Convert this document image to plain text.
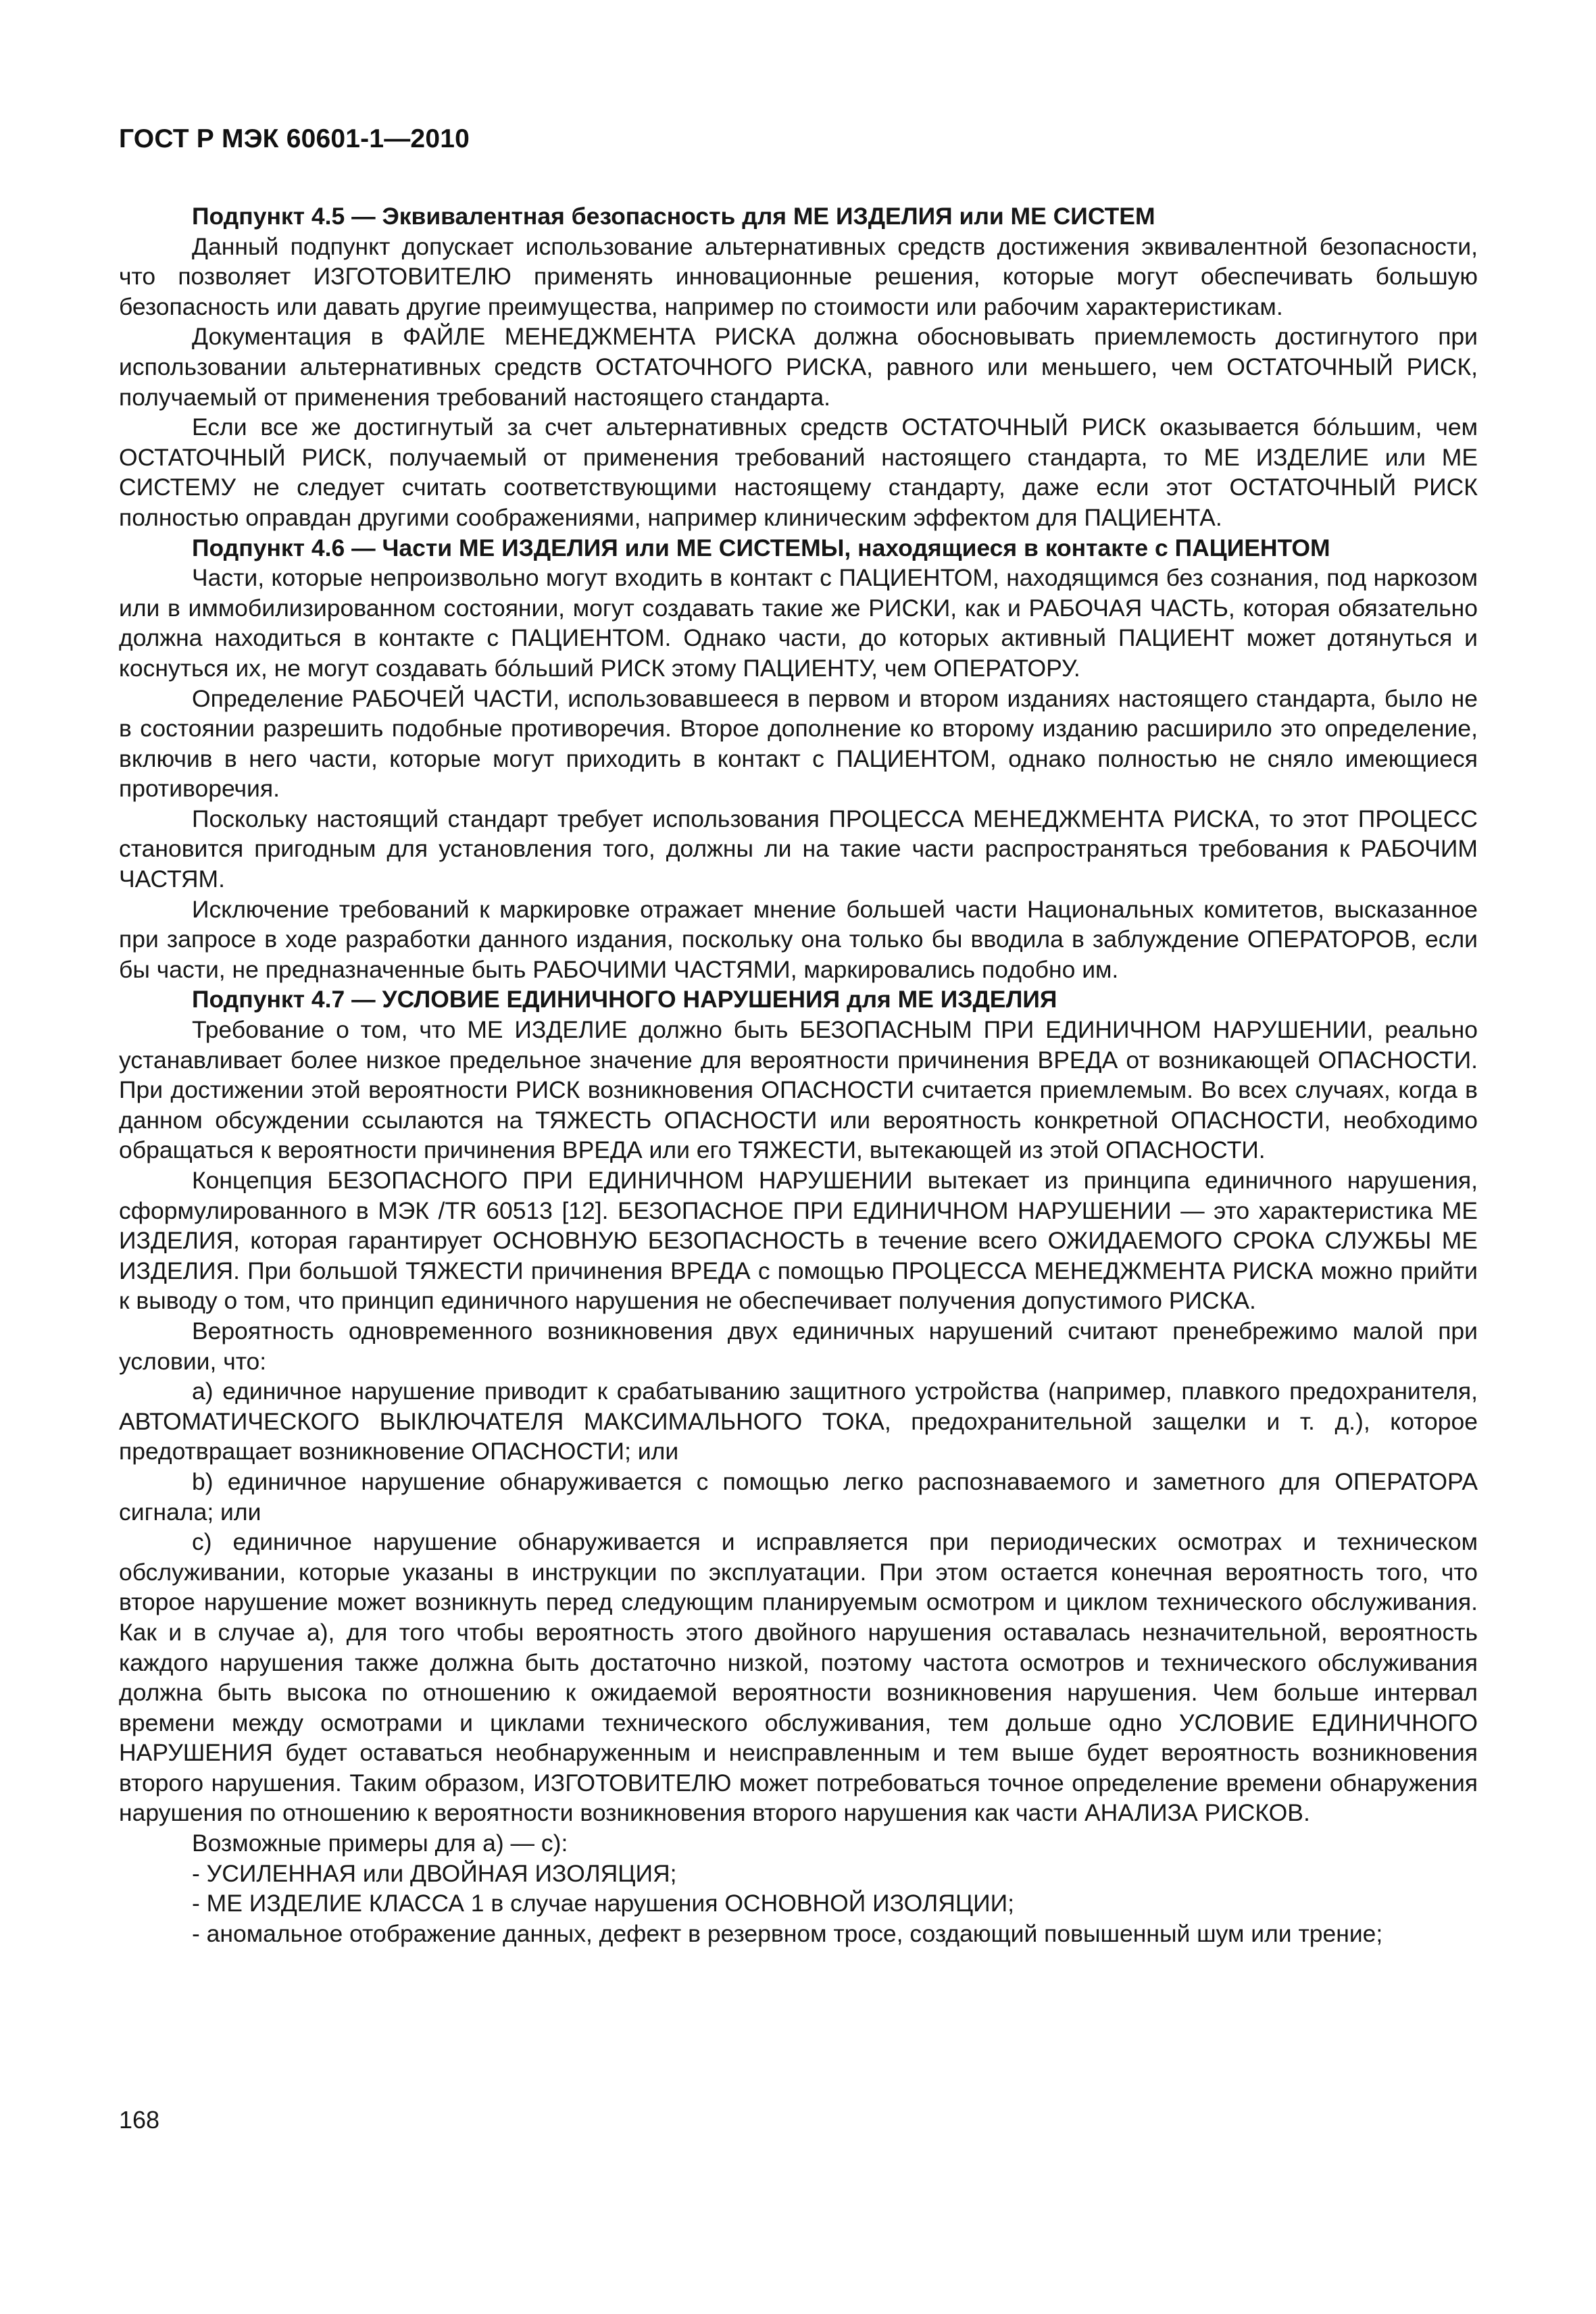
ГОСТ Р МЭК 60601-1—2010

Подпункт 4.5 — Эквивалентная безопасность для МЕ ИЗДЕЛИЯ или МЕ СИСТЕМ

Данный подпункт допускает использование альтернативных средств достижения эквивалентной безопасности, что позволяет ИЗГОТОВИТЕЛЮ применять инновационные решения, которые могут обеспечивать большую безопасность или давать другие преимущества, например по стоимости или рабочим характеристикам.

Документация в ФАЙЛЕ МЕНЕДЖМЕНТА РИСКА должна обосновывать приемлемость достигнутого при использовании альтернативных средств ОСТАТОЧНОГО РИСКА, равного или меньшего, чем ОСТАТОЧНЫЙ РИСК, получаемый от применения требований настоящего стандарта.

Если все же достигнутый за счет альтернативных средств ОСТАТОЧНЫЙ РИСК оказывается бóльшим, чем ОСТАТОЧНЫЙ РИСК, получаемый от применения требований настоящего стандарта, то МЕ ИЗДЕЛИЕ или МЕ СИСТЕМУ не следует считать соответствующими настоящему стандарту, даже если этот ОСТАТОЧНЫЙ РИСК полностью оправдан другими соображениями, например клиническим эффектом для ПАЦИЕНТА.

Подпункт 4.6 — Части МЕ ИЗДЕЛИЯ или МЕ СИСТЕМЫ, находящиеся в контакте с ПАЦИЕНТОМ

Части, которые непроизвольно могут входить в контакт с ПАЦИЕНТОМ, находящимся без сознания, под наркозом или в иммобилизированном состоянии, могут создавать такие же РИСКИ, как и РАБОЧАЯ ЧАСТЬ, которая обязательно должна находиться в контакте с ПАЦИЕНТОМ. Однако части, до которых активный ПАЦИЕНТ может дотянуться и коснуться их, не могут создавать бóльший РИСК этому ПАЦИЕНТУ, чем ОПЕРАТОРУ.

Определение РАБОЧЕЙ ЧАСТИ, использовавшееся в первом и втором изданиях настоящего стандарта, было не в состоянии разрешить подобные противоречия. Второе дополнение ко второму изданию расширило это определение, включив в него части, которые могут приходить в контакт с ПАЦИЕНТОМ, однако полностью не сняло имеющиеся противоречия.

Поскольку настоящий стандарт требует использования ПРОЦЕССА МЕНЕДЖМЕНТА РИСКА, то этот ПРОЦЕСС становится пригодным для установления того, должны ли на такие части распространяться требования к РАБОЧИМ ЧАСТЯМ.

Исключение требований к маркировке отражает мнение большей части Национальных комитетов, высказанное при запросе в ходе разработки данного издания, поскольку она только бы вводила в заблуждение ОПЕРАТОРОВ, если бы части, не предназначенные быть РАБОЧИМИ ЧАСТЯМИ, маркировались подобно им.

Подпункт 4.7 — УСЛОВИЕ ЕДИНИЧНОГО НАРУШЕНИЯ для МЕ ИЗДЕЛИЯ

Требование о том, что МЕ ИЗДЕЛИЕ должно быть БЕЗОПАСНЫМ ПРИ ЕДИНИЧНОМ НАРУШЕНИИ, реально устанавливает более низкое предельное значение для вероятности причинения ВРЕДА от возникающей ОПАСНОСТИ. При достижении этой вероятности РИСК возникновения ОПАСНОСТИ считается приемлемым. Во всех случаях, когда в данном обсуждении ссылаются на ТЯЖЕСТЬ ОПАСНОСТИ или вероятность конкретной ОПАСНОСТИ, необходимо обращаться к вероятности причинения ВРЕДА или его ТЯЖЕСТИ, вытекающей из этой ОПАСНОСТИ.

Концепция БЕЗОПАСНОГО ПРИ ЕДИНИЧНОМ НАРУШЕНИИ вытекает из принципа единичного нарушения, сформулированного в МЭК /TR 60513 [12]. БЕЗОПАСНОЕ ПРИ ЕДИНИЧНОМ НАРУШЕНИИ — это характеристика МЕ ИЗДЕЛИЯ, которая гарантирует ОСНОВНУЮ БЕЗОПАСНОСТЬ в течение всего ОЖИДАЕМОГО СРОКА СЛУЖБЫ МЕ ИЗДЕЛИЯ. При большой ТЯЖЕСТИ причинения ВРЕДА с помощью ПРОЦЕССА МЕНЕДЖМЕНТА РИСКА можно прийти к выводу о том, что принцип единичного нарушения не обеспечивает получения допустимого РИСКА.

Вероятность одновременного возникновения двух единичных нарушений считают пренебрежимо малой при условии, что:

a) единичное нарушение приводит к срабатыванию защитного устройства (например, плавкого предохранителя, АВТОМАТИЧЕСКОГО ВЫКЛЮЧАТЕЛЯ МАКСИМАЛЬНОГО ТОКА, предохранительной защелки и т. д.), которое предотвращает возникновение ОПАСНОСТИ; или

b) единичное нарушение обнаруживается с помощью легко распознаваемого и заметного для ОПЕРАТОРА сигнала; или

c) единичное нарушение обнаруживается и исправляется при периодических осмотрах и техническом обслуживании, которые указаны в инструкции по эксплуатации. При этом остается конечная вероятность того, что второе нарушение может возникнуть перед следующим планируемым осмотром и циклом технического обслуживания. Как и в случае a), для того чтобы вероятность этого двойного нарушения оставалась незначительной, вероятность каждого нарушения также должна быть достаточно низкой, поэтому частота осмотров и технического обслуживания должна быть высока по отношению к ожидаемой вероятности возникновения нарушения. Чем больше интервал времени между осмотрами и циклами технического обслуживания, тем дольше одно УСЛОВИЕ ЕДИНИЧНОГО НАРУШЕНИЯ будет оставаться необнаруженным и неисправленным и тем выше будет вероятность возникновения второго нарушения. Таким образом, ИЗГОТОВИТЕЛЮ может потребоваться точное определение времени обнаружения нарушения по отношению к вероятности возникновения второго нарушения как части АНАЛИЗА РИСКОВ.

Возможные примеры для a) — c):

- УСИЛЕННАЯ или ДВОЙНАЯ ИЗОЛЯЦИЯ;

- МЕ ИЗДЕЛИЕ КЛАССА 1 в случае нарушения ОСНОВНОЙ ИЗОЛЯЦИИ;

- аномальное отображение данных, дефект в резервном тросе, создающий повышенный шум или трение;

168
